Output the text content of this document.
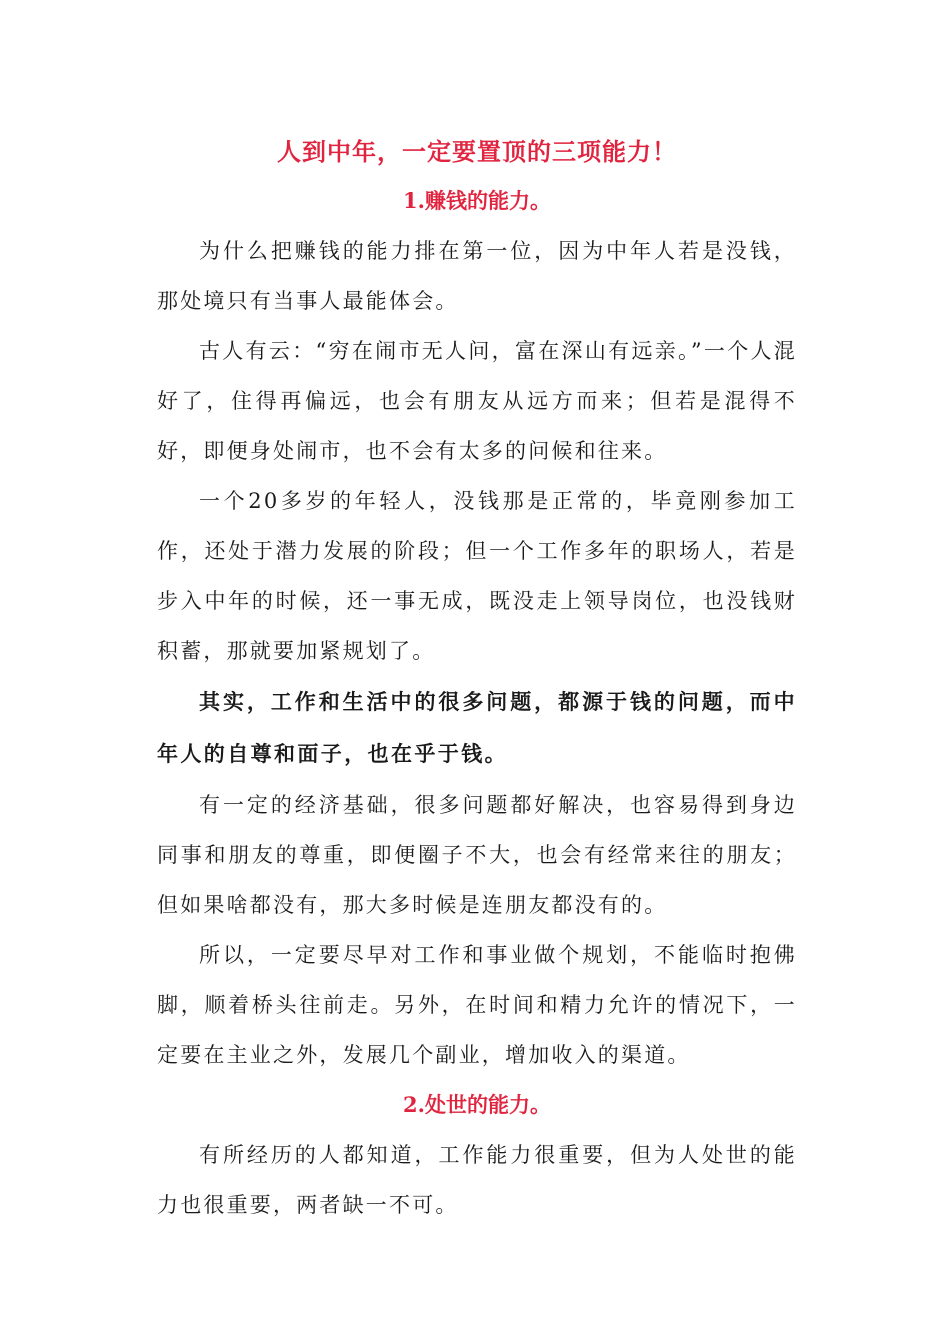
人到中年，一定要置顶的三项能力！
1.赚钱的能力。

为什么把赚钱的能力排在第一位，因为中年人若是没钱，那处境只有当事人最能体会。

古人有云：“穷在闹市无人问，富在深山有远亲。”一个人混好了，住得再偏远，也会有朋友从远方而来；但若是混得不好，即便身处闹市，也不会有太多的问候和往来。

一个20多岁的年轻人，没钱那是正常的，毕竟刚参加工作，还处于潜力发展的阶段；但一个工作多年的职场人，若是步入中年的时候，还一事无成，既没走上领导岗位，也没钱财积蓄，那就要加紧规划了。

其实，工作和生活中的很多问题，都源于钱的问题，而中年人的自尊和面子，也在乎于钱。

有一定的经济基础，很多问题都好解决，也容易得到身边同事和朋友的尊重，即便圈子不大，也会有经常来往的朋友；但如果啥都没有，那大多时候是连朋友都没有的。

所以，一定要尽早对工作和事业做个规划，不能临时抱佛脚，顺着桥头往前走。另外，在时间和精力允许的情况下，一定要在主业之外，发展几个副业，增加收入的渠道。

2.处世的能力。

有所经历的人都知道，工作能力很重要，但为人处世的能力也很重要，两者缺一不可。
